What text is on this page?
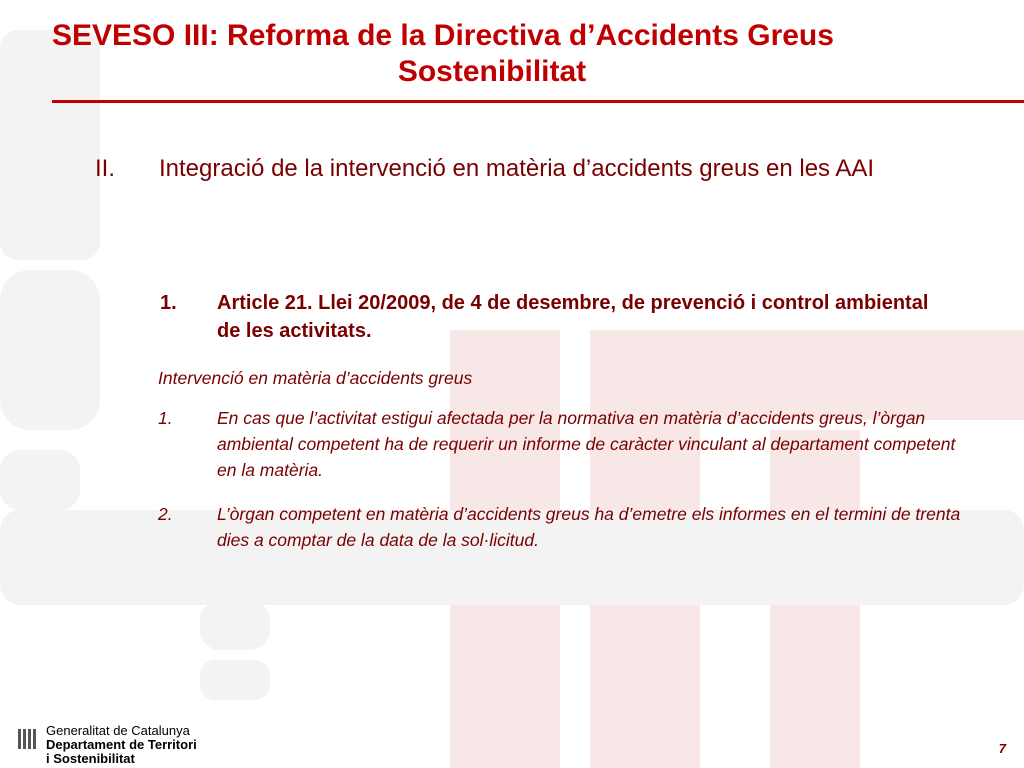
SEVESO III: Reforma de la Directiva d’Accidents Greus
Sostenibilitat
II. Integració de la intervenció en matèria d’accidents greus en les AAI
1. Article 21. Llei 20/2009, de 4 de desembre, de prevenció i control ambiental de les activitats.
Intervenció en matèria d’accidents greus
1.	En cas que l’activitat estigui afectada per la normativa en matèria d’accidents greus, l’òrgan ambiental competent ha de requerir un informe de caràcter vinculant al departament competent en la matèria.
2.	L’òrgan competent en matèria d’accidents greus ha d’emetre els informes en el termini de trenta dies a comptar de la data de la sol·licitud.
Generalitat de Catalunya
Departament de Territori
i Sostenibilitat
7
